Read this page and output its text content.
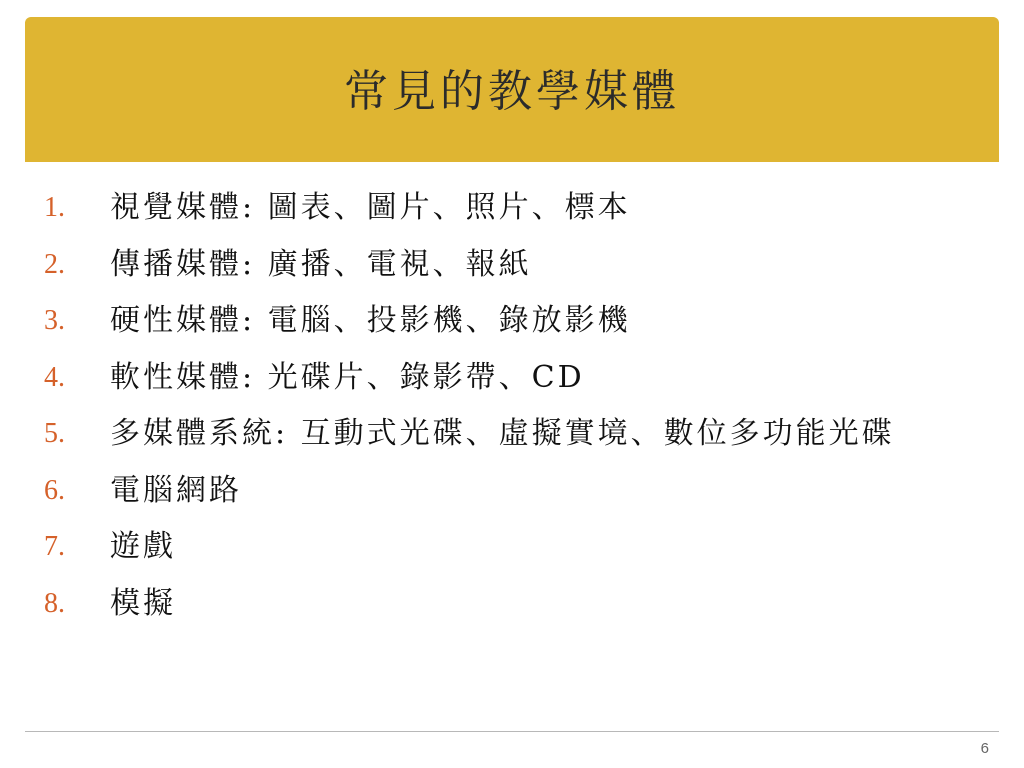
常見的教學媒體
1.	視覺媒體: 圖表、圖片、照片、標本
2.	傳播媒體: 廣播、電視、報紙
3.	硬性媒體: 電腦、投影機、錄放影機
4.	軟性媒體: 光碟片、錄影帶、CD
5.	多媒體系統: 互動式光碟、虛擬實境、數位多功能光碟
6.	電腦網路
7.	遊戲
8.	模擬
6
